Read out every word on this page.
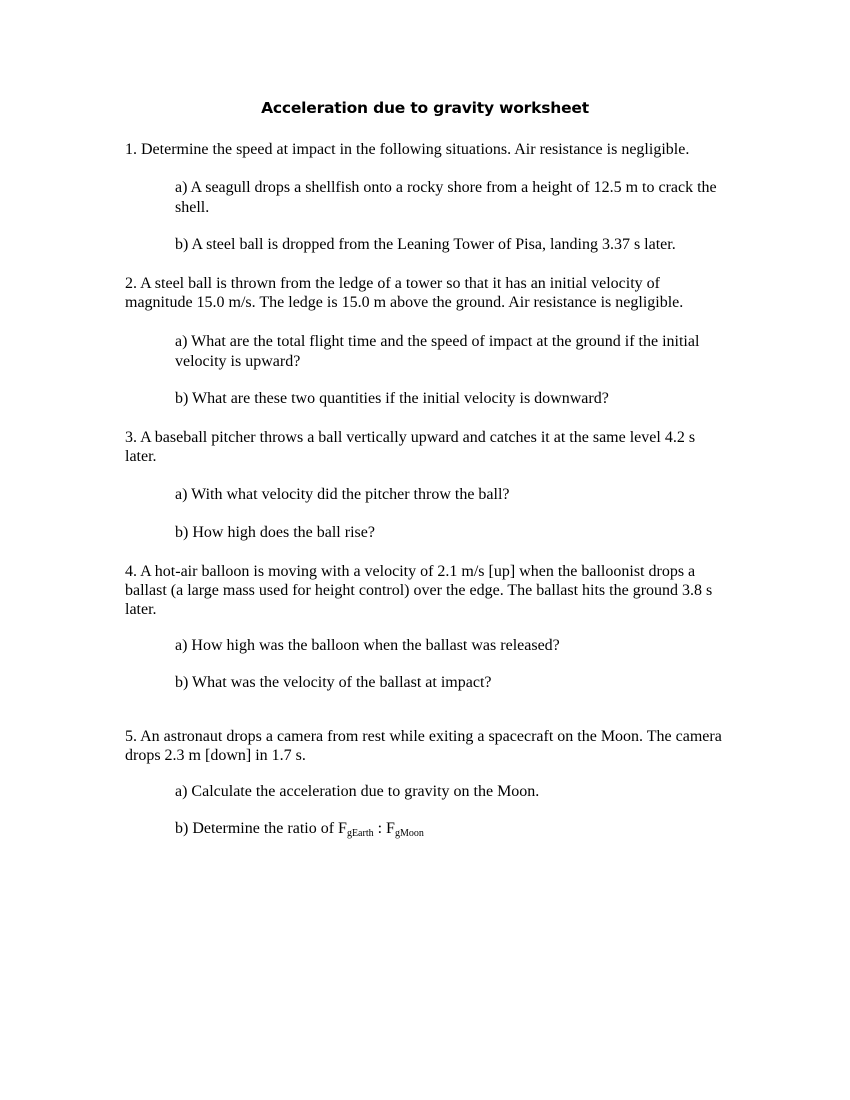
Acceleration due to gravity worksheet
1. Determine the speed at impact in the following situations. Air resistance is negligible.
a) A seagull drops a shellfish onto a rocky shore from a height of 12.5 m to crack the shell.
b) A steel ball is dropped from the Leaning Tower of Pisa, landing 3.37 s later.
2. A steel ball is thrown from the ledge of a tower so that it has an initial velocity of magnitude 15.0 m/s. The ledge is 15.0 m above the ground. Air resistance is negligible.
a) What are the total flight time and the speed of impact at the ground if the initial velocity is upward?
b) What are these two quantities if the initial velocity is downward?
3. A baseball pitcher throws a ball vertically upward and catches it at the same level 4.2 s later.
a) With what velocity did the pitcher throw the ball?
b) How high does the ball rise?
4. A hot-air balloon is moving with a velocity of 2.1 m/s [up] when the balloonist drops a ballast (a large mass used for height control) over the edge. The ballast hits the ground 3.8 s later.
a) How high was the balloon when the ballast was released?
b) What was the velocity of the ballast at impact?
5. An astronaut drops a camera from rest while exiting a spacecraft on the Moon. The camera drops 2.3 m [down] in 1.7 s.
a) Calculate the acceleration due to gravity on the Moon.
b) Determine the ratio of $F_{gEarth}$ : $F_{gMoon}$
